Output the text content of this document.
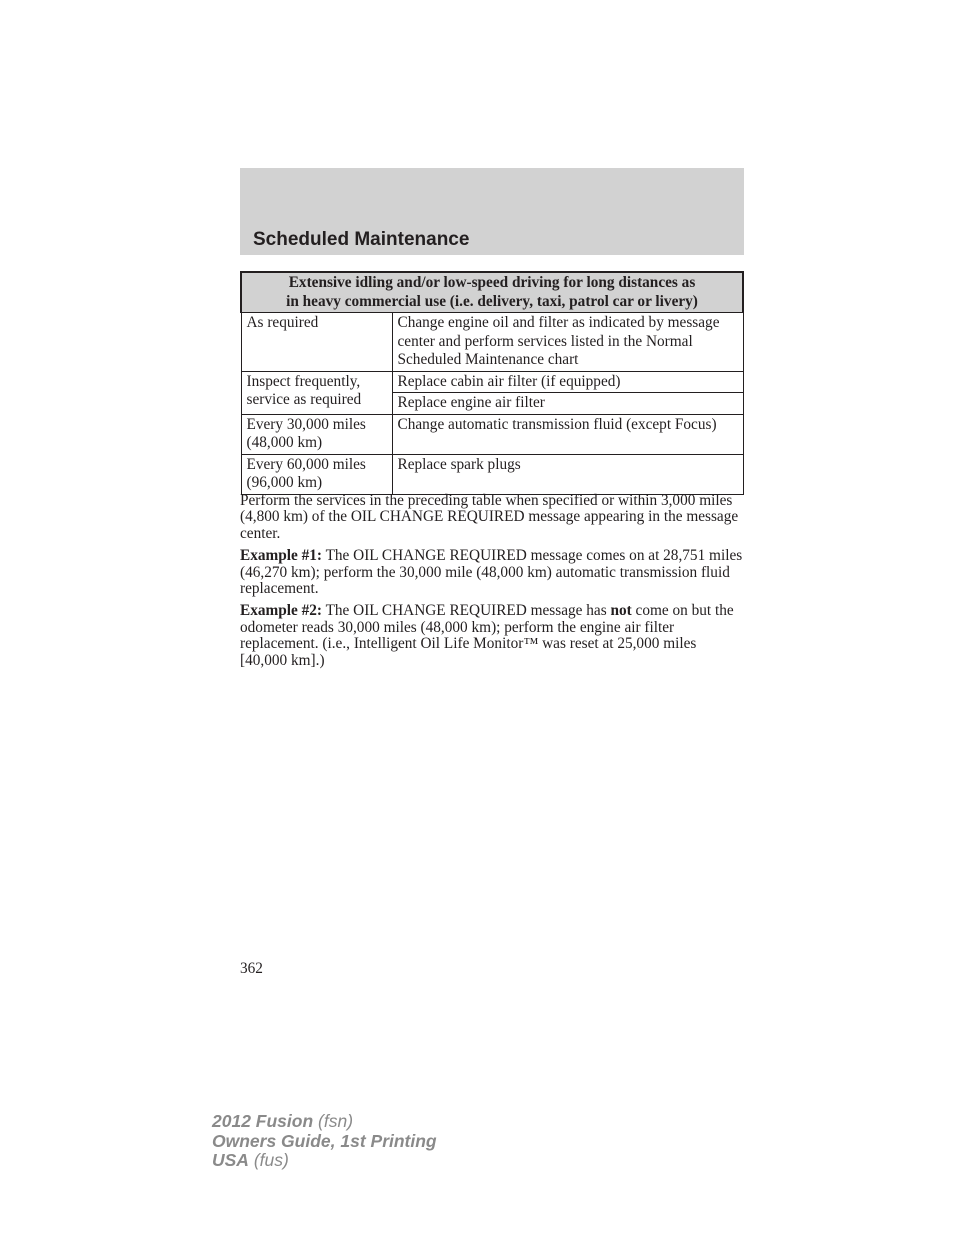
Scheduled Maintenance
Extensive idling and/or low-speed driving for long distances as
in heavy commercial use (i.e. delivery, taxi, patrol car or livery)	
As required	Change engine oil and filter as indicated by message center and perform services listed in the Normal Scheduled Maintenance chart
Inspect frequently, service as required	Replace cabin air filter (if equipped)
	Replace engine air filter
Every 30,000 miles (48,000 km)	Change automatic transmission fluid (except Focus)
Every 60,000 miles (96,000 km)	Replace spark plugs

Perform the services in the preceding table when specified or within 3,000 miles (4,800 km) of the OIL CHANGE REQUIRED message appearing in the message center.

Example #1: The OIL CHANGE REQUIRED message comes on at 28,751 miles (46,270 km); perform the 30,000 mile (48,000 km) automatic transmission fluid replacement.

Example #2: The OIL CHANGE REQUIRED message has not come on but the odometer reads 30,000 miles (48,000 km); perform the engine air filter replacement. (i.e., Intelligent Oil Life Monitor™ was reset at 25,000 miles [40,000 km].)

362
2012 Fusion (fsn)
Owners Guide, 1st Printing
USA (fus)
